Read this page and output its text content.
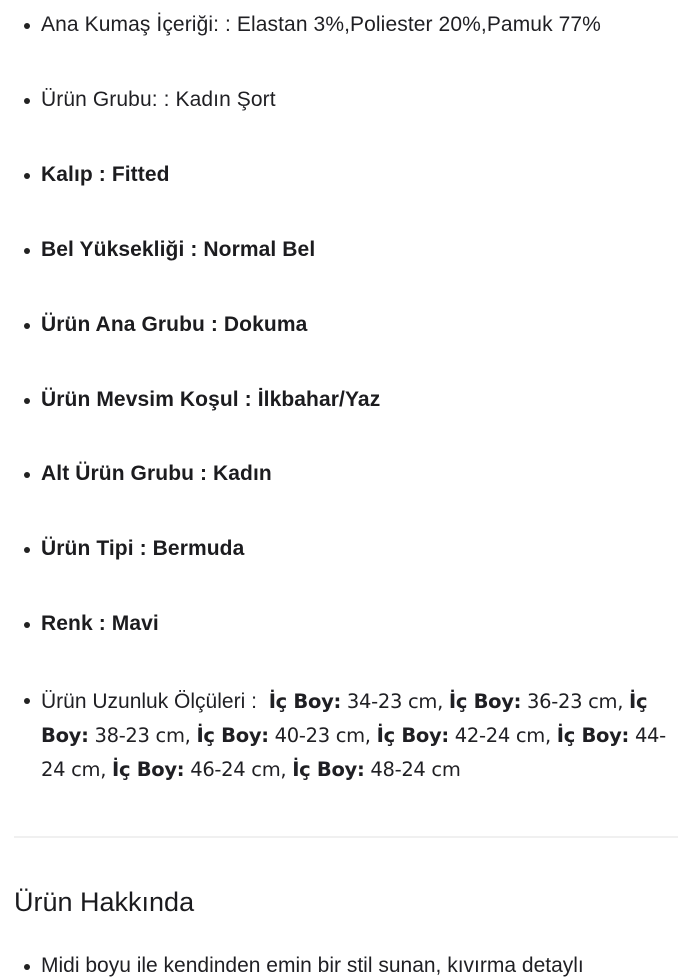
Ana Kumaş İçeriği: : Elastan 3%,Poliester 20%,Pamuk 77%
Ürün Grubu: : Kadın Şort
Kalıp : Fitted
Bel Yüksekliği : Normal Bel
Ürün Ana Grubu : Dokuma
Ürün Mevsim Koşul : İlkbahar/Yaz
Alt Ürün Grubu : Kadın
Ürün Tipi : Bermuda
Renk : Mavi
Ürün Uzunluk Ölçüleri : İç Boy: 34-23 cm, İç Boy: 36-23 cm, İç Boy: 38-23 cm, İç Boy: 40-23 cm, İç Boy: 42-24 cm, İç Boy: 44-24 cm, İç Boy: 46-24 cm, İç Boy: 48-24 cm
Ürün Hakkında
Midi boyu ile kendinden emin bir stil sunan, kıvırma detaylı
